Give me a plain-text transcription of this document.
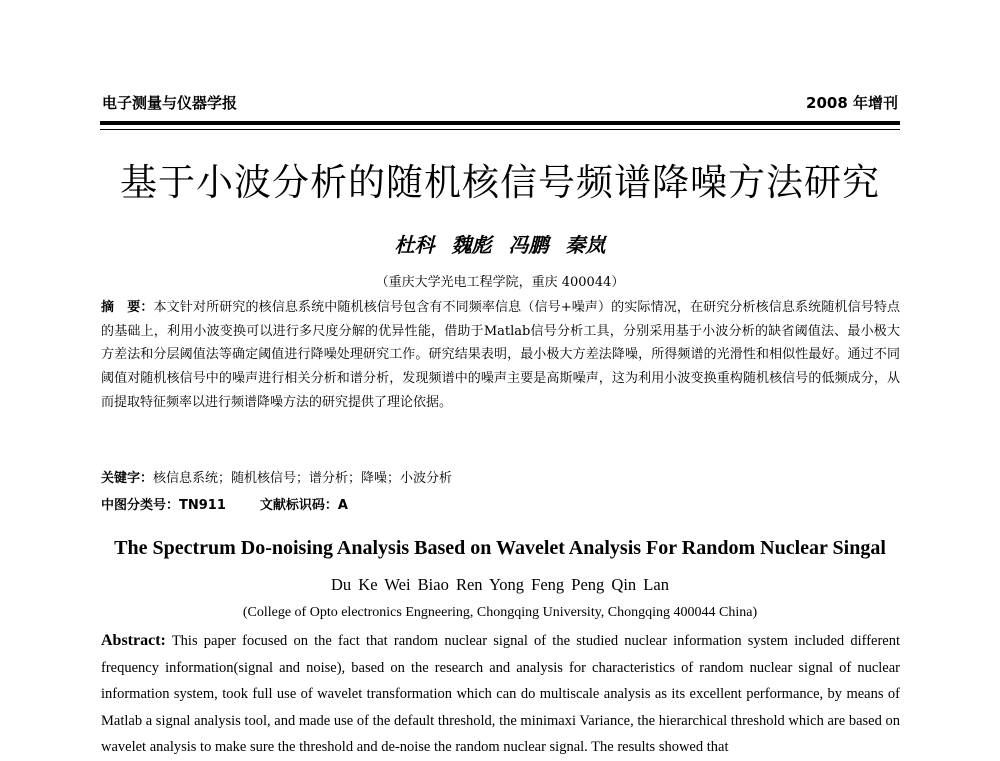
电子测量与仪器学报	2008 年增刊
基于小波分析的随机核信号频谱降噪方法研究
杜科 魏彪 冯鹏 秦岚
（重庆大学光电工程学院，重庆 400044）

摘　要：本文针对所研究的核信息系统中随机核信号包含有不同频率信息（信号+噪声）的实际情况，在研究分析核信息系统随机信号特点的基础上，利用小波变换可以进行多尺度分解的优异性能，借助于Matlab信号分析工具，分别采用基于小波分析的缺省阈值法、最小极大方差法和分层阈值法等确定阈值进行降噪处理研究工作。研究结果表明，最小极大方差法降噪，所得频谱的光滑性和相似性最好。通过不同阈值对随机核信号中的噪声进行相关分析和谱分析，发现频谱中的噪声主要是高斯噪声，这为利用小波变换重构随机核信号的低频成分，从而提取特征频率以进行频谱降噪方法的研究提供了理论依据。

关键字：核信息系统；随机核信号；谱分析；降噪；小波分析
中图分类号：TN911	文献标识码：A
The Spectrum Do-noising Analysis Based on Wavelet Analysis For Random Nuclear Singal
Du Ke Wei Biao Ren Yong Feng Peng Qin Lan
(College of Opto electronics Engneering, Chongqing University, Chongqing 400044 China)

Abstract: This paper focused on the fact that random nuclear signal of the studied nuclear information system included different frequency information(signal and noise), based on the research and analysis for characteristics of random nuclear signal of nuclear information system, took full use of wavelet transformation which can do multiscale analysis as its excellent performance, by means of Matlab a signal analysis tool, and made use of the default threshold, the minimaxi Variance, the hierarchical threshold which are based on wavelet analysis to make sure the threshold and de-noise the random nuclear signal. The results showed that
